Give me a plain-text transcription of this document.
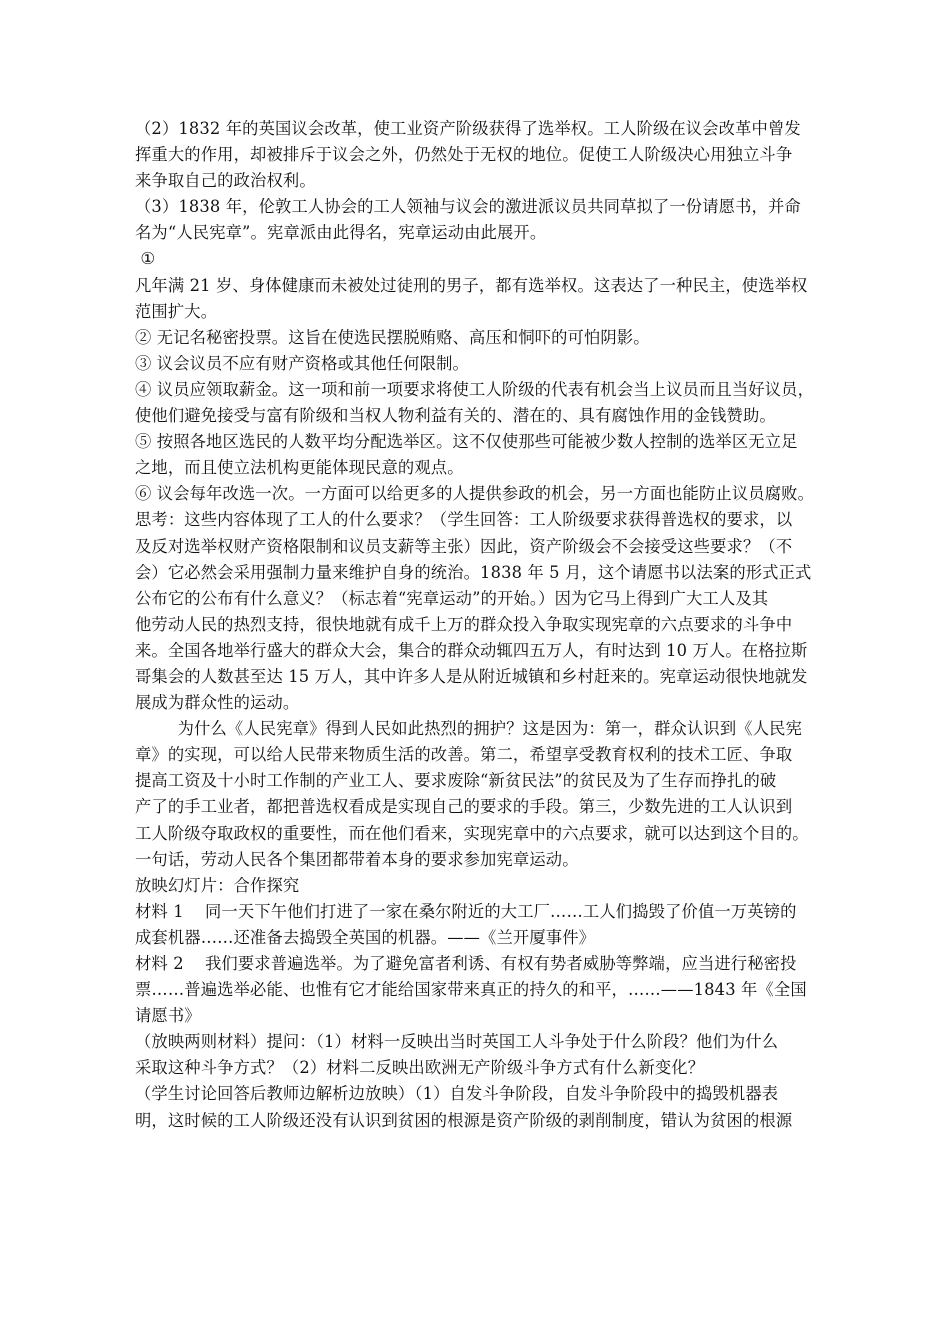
（2）1832 年的英国议会改革，使工业资产阶级获得了选举权。工人阶级在议会改革中曾发
挥重大的作用，却被排斥于议会之外，仍然处于无权的地位。促使工人阶级决心用独立斗争
来争取自己的政治权利。
（3）1838 年，伦敦工人协会的工人领袖与议会的激进派议员共同草拟了一份请愿书，并命
名为“人民宪章”。宪章派由此得名，宪章运动由此展开。
①
凡年满 21 岁、身体健康而未被处过徒刑的男子，都有选举权。这表达了一种民主，使选举权
范围扩大。
② 无记名秘密投票。这旨在使选民摆脱贿赂、高压和恫吓的可怕阴影。
③ 议会议员不应有财产资格或其他任何限制。
④ 议员应领取薪金。这一项和前一项要求将使工人阶级的代表有机会当上议员而且当好议员，
使他们避免接受与富有阶级和当权人物利益有关的、潜在的、具有腐蚀作用的金钱赞助。
⑤ 按照各地区选民的人数平均分配选举区。这不仅使那些可能被少数人控制的选举区无立足
之地，而且使立法机构更能体现民意的观点。
⑥ 议会每年改选一次。一方面可以给更多的人提供参政的机会，另一方面也能防止议员腐败。
思考：这些内容体现了工人的什么要求？（学生回答：工人阶级要求获得普选权的要求，以
及反对选举权财产资格限制和议员支薪等主张）因此，资产阶级会不会接受这些要求？（不
会）它必然会采用强制力量来维护自身的统治。1838 年 5 月，这个请愿书以法案的形式正式
公布它的公布有什么意义？（标志着“宪章运动”的开始。）因为它马上得到广大工人及其
他劳动人民的热烈支持，很快地就有成千上万的群众投入争取实现宪章的六点要求的斗争中
来。全国各地举行盛大的群众大会，集合的群众动辄四五万人，有时达到 10 万人。在格拉斯
哥集会的人数甚至达 15 万人，其中许多人是从附近城镇和乡村赶来的。宪章运动很快地就发
展成为群众性的运动。
为什么《人民宪章》得到人民如此热烈的拥护？这是因为：第一，群众认识到《人民宪
章》的实现，可以给人民带来物质生活的改善。第二，希望享受教育权利的技术工匠、争取
提高工资及十小时工作制的产业工人、要求废除“新贫民法”的贫民及为了生存而挣扎的破
产了的手工业者，都把普选权看成是实现自己的要求的手段。第三，少数先进的工人认识到
工人阶级夺取政权的重要性，而在他们看来，实现宪章中的六点要求，就可以达到这个目的。
一句话，劳动人民各个集团都带着本身的要求参加宪章运动。
放映幻灯片：合作探究
材料 1    同一天下午他们打进了一家在桑尔附近的大工厂……工人们捣毁了价值一万英镑的
成套机器……还准备去捣毁全英国的机器。——《兰开厦事件》
材料 2    我们要求普遍选举。为了避免富者利诱、有权有势者威胁等弊端，应当进行秘密投
票……普遍选举必能、也惟有它才能给国家带来真正的持久的和平，……——1843 年《全国
请愿书》
（放映两则材料）提问：（1）材料一反映出当时英国工人斗争处于什么阶段？他们为什么
采取这种斗争方式？（2）材料二反映出欧洲无产阶级斗争方式有什么新变化？
（学生讨论回答后教师边解析边放映）（1）自发斗争阶段，自发斗争阶段中的捣毁机器表
明，这时候的工人阶级还没有认识到贫困的根源是资产阶级的剥削制度，错认为贫困的根源
